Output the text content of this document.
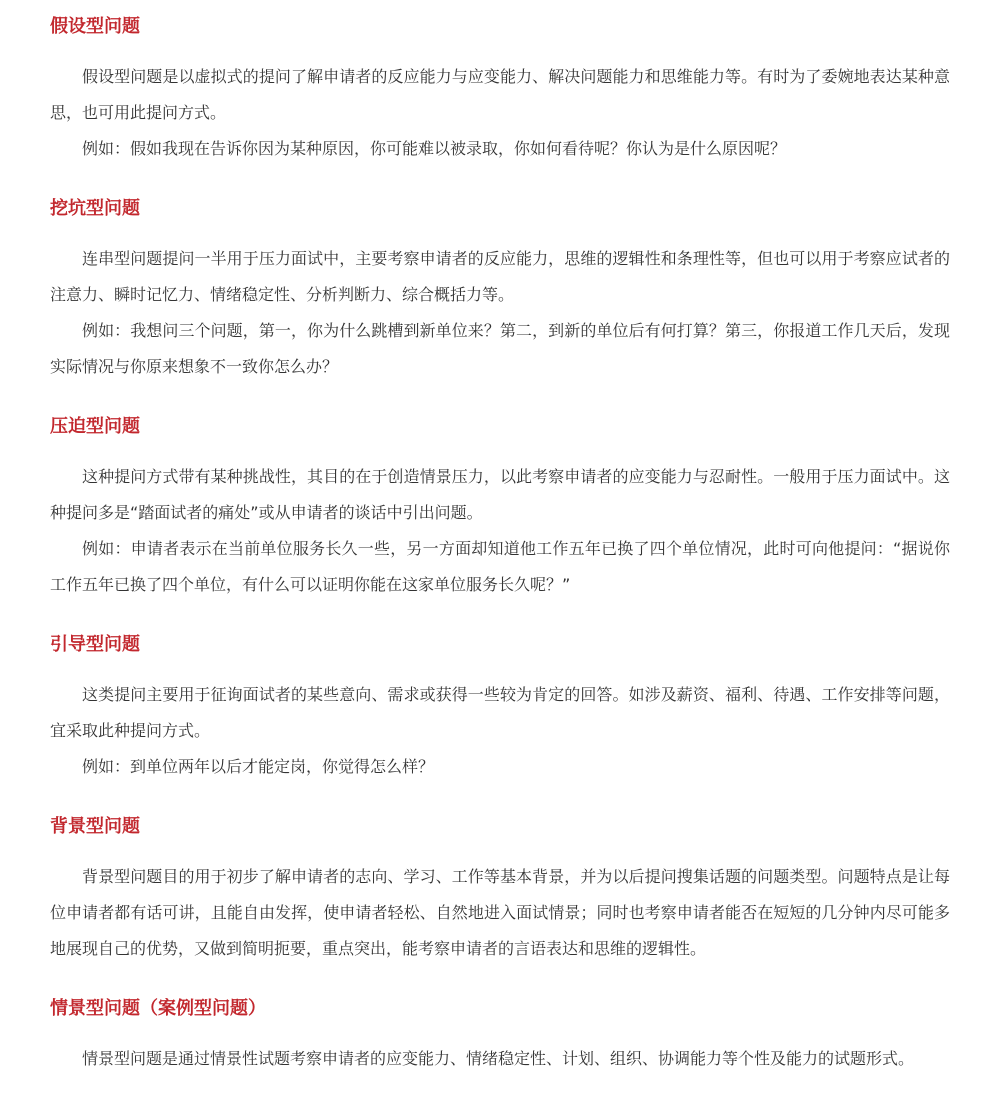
假设型问题

假设型问题是以虚拟式的提问了解申请者的反应能力与应变能力、解决问题能力和思维能力等。有时为了委婉地表达某种意思，也可用此提问方式。

例如：假如我现在告诉你因为某种原因，你可能难以被录取，你如何看待呢？你认为是什么原因呢？

挖坑型问题

连串型问题提问一半用于压力面试中，主要考察申请者的反应能力，思维的逻辑性和条理性等，但也可以用于考察应试者的注意力、瞬时记忆力、情绪稳定性、分析判断力、综合概括力等。

例如：我想问三个问题，第一，你为什么跳槽到新单位来？第二，到新的单位后有何打算？第三，你报道工作几天后，发现实际情况与你原来想象不一致你怎么办？

压迫型问题

这种提问方式带有某种挑战性，其目的在于创造情景压力，以此考察申请者的应变能力与忍耐性。一般用于压力面试中。这种提问多是“踏面试者的痛处”或从申请者的谈话中引出问题。

例如：申请者表示在当前单位服务长久一些，另一方面却知道他工作五年已换了四个单位情况，此时可向他提问：“据说你工作五年已换了四个单位，有什么可以证明你能在这家单位服务长久呢？”

引导型问题

这类提问主要用于征询面试者的某些意向、需求或获得一些较为肯定的回答。如涉及薪资、福利、待遇、工作安排等问题，宜采取此种提问方式。

例如：到单位两年以后才能定岗，你觉得怎么样？

背景型问题

背景型问题目的用于初步了解申请者的志向、学习、工作等基本背景，并为以后提问搜集话题的问题类型。问题特点是让每位申请者都有话可讲，且能自由发挥，使申请者轻松、自然地进入面试情景；同时也考察申请者能否在短短的几分钟内尽可能多地展现自己的优势，又做到简明扼要，重点突出，能考察申请者的言语表达和思维的逻辑性。

情景型问题（案例型问题）

情景型问题是通过情景性试题考察申请者的应变能力、情绪稳定性、计划、组织、协调能力等个性及能力的试题形式。
